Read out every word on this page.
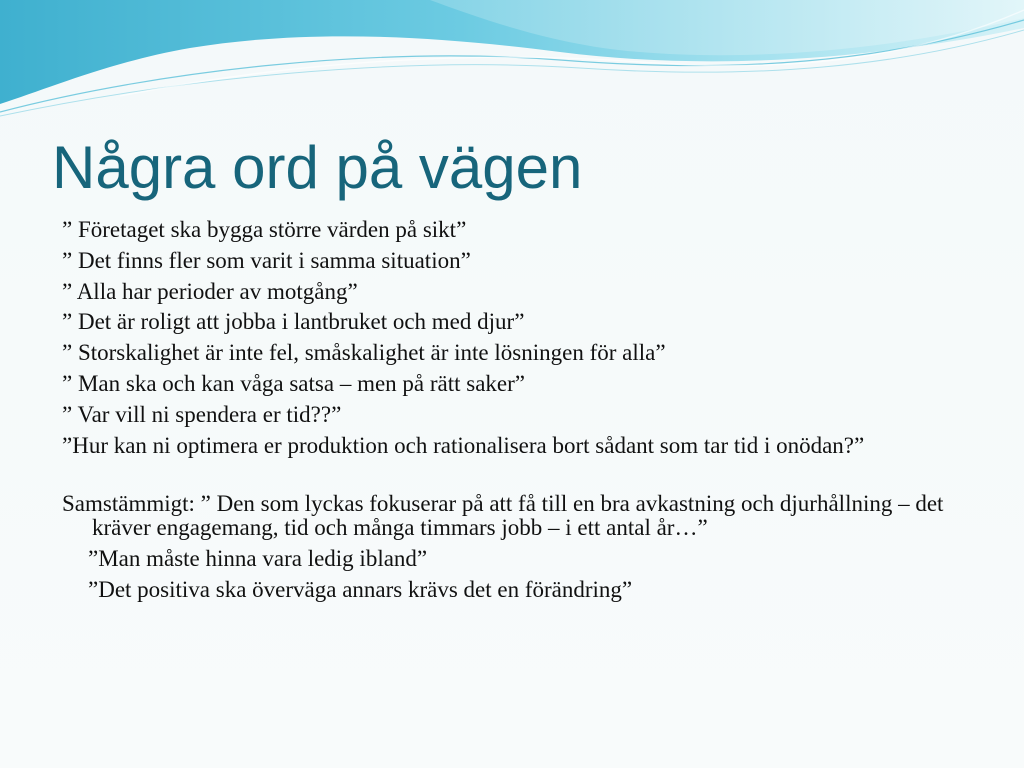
Några ord på vägen

” Företaget ska bygga större värden på sikt”

” Det finns fler som varit i samma situation”

” Alla har perioder av motgång”

” Det är roligt att jobba i lantbruket och med djur”

” Storskalighet är inte fel, småskalighet är inte lösningen för alla”

” Man ska och kan våga satsa – men på rätt saker”

” Var vill ni spendera er tid??”

”Hur kan ni optimera er produktion och rationalisera bort sådant som tar tid i onödan?”

Samstämmigt: ” Den som lyckas fokuserar på att få till en bra avkastning och djurhållning – det kräver engagemang, tid och många timmars jobb – i ett antal år…”

”Man måste hinna vara ledig ibland”

”Det positiva ska överväga annars krävs det en förändring”
